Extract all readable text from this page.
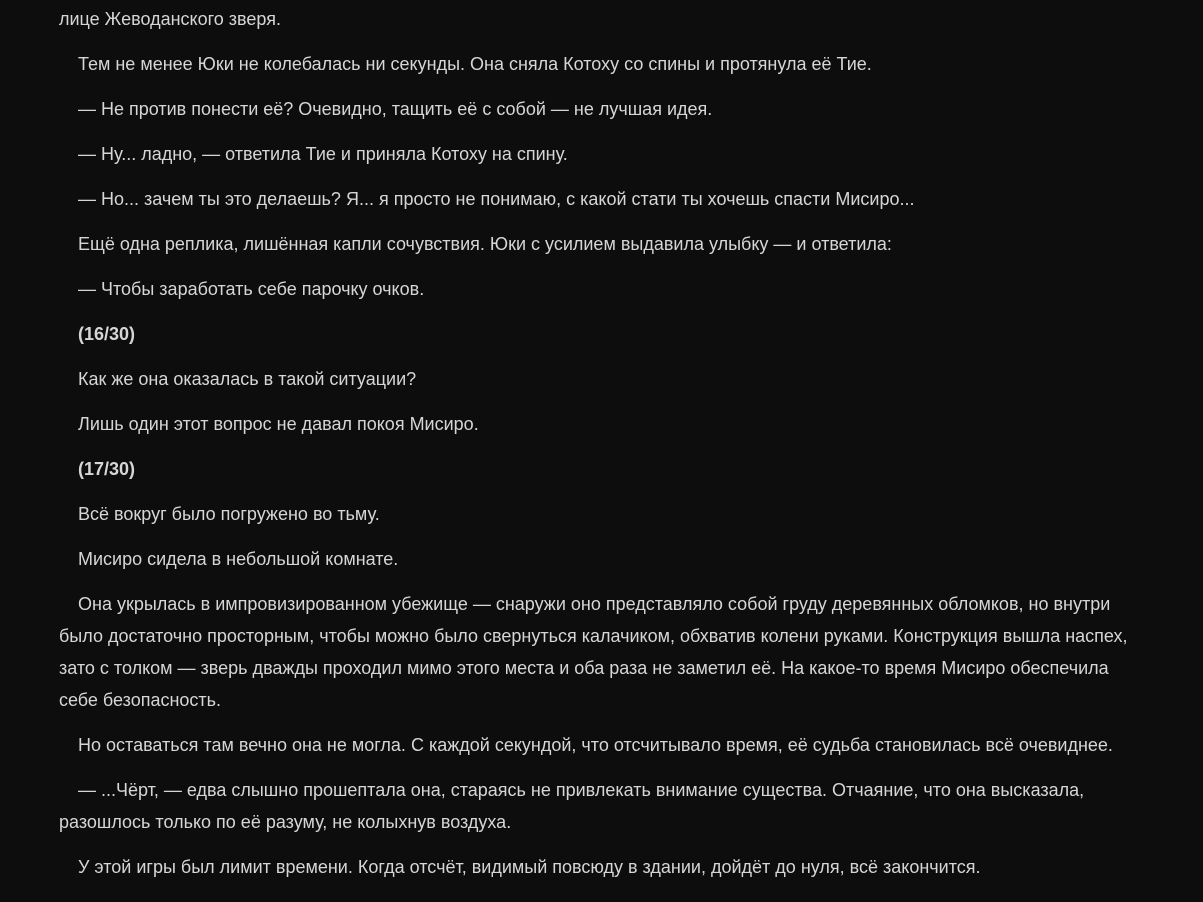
лице Жеводанского зверя.

Тем не менее Юки не колебалась ни секунды. Она сняла Котоху со спины и протянула её Тие.

— Не против понести её? Очевидно, тащить её с собой — не лучшая идея.

— Ну... ладно, — ответила Тие и приняла Котоху на спину.

— Но... зачем ты это делаешь? Я... я просто не понимаю, с какой стати ты хочешь спасти Мисиро...

Ещё одна реплика, лишённая капли сочувствия. Юки с усилием выдавила улыбку — и ответила:

— Чтобы заработать себе парочку очков.

(16/30)

Как же она оказалась в такой ситуации?

Лишь один этот вопрос не давал покоя Мисиро.

(17/30)

Всё вокруг было погружено во тьму.

Мисиро сидела в небольшой комнате.

Она укрылась в импровизированном убежище — снаружи оно представляло собой груду деревянных обломков, но внутри было достаточно просторным, чтобы можно было свернуться калачиком, обхватив колени руками. Конструкция вышла наспех, зато с толком — зверь дважды проходил мимо этого места и оба раза не заметил её. На какое-то время Мисиро обеспечила себе безопасность.

Но оставаться там вечно она не могла. С каждой секундой, что отсчитывало время, её судьба становилась всё очевиднее.

— ...Чёрт, — едва слышно прошептала она, стараясь не привлекать внимание существа. Отчаяние, что она высказала, разошлось только по её разуму, не колыхнув воздуха.

У этой игры был лимит времени. Когда отсчёт, видимый повсюду в здании, дойдёт до нуля, всё закончится.
